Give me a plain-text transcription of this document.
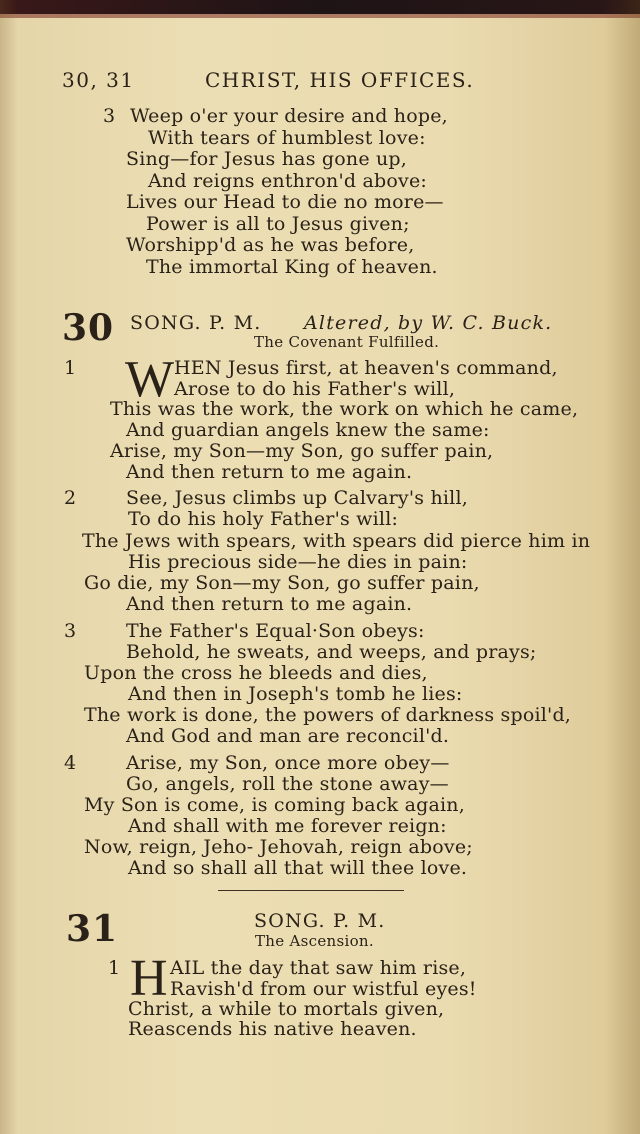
30, 31	CHRIST, HIS OFFICES.
3 Weep o'er your desire and hope,
With tears of humblest love:
Sing—for Jesus has gone up,
And reigns enthron'd above:
Lives our Head to die no more—
Power is all to Jesus given;
Worshipp'd as he was before,
The immortal King of heaven.
30 SONG. P. M. Altered, by W. C. Buck.
The Covenant Fulfilled.
1 W HEN Jesus first, at heaven's command,
Arose to do his Father's will,
This was the work, the work on which he came,
And guardian angels knew the same:
Arise, my Son—my Son, go suffer pain,
And then return to me again.
2	See, Jesus climbs up Calvary's hill,
To do his holy Father's will:
The Jews with spears, with spears did pierce him in
His precious side—he dies in pain:
Go die, my Son—my Son, go suffer pain,
And then return to me again.
3	The Father's Equal·Son obeys:
Behold, he sweats, and weeps, and prays;
Upon the cross he bleeds and dies,
And then in Joseph's tomb he lies:
The work is done, the powers of darkness spoil'd,
And God and man are reconcil'd.
4	Arise, my Son, once more obey—
Go, angels, roll the stone away—
My Son is come, is coming back again,
And shall with me forever reign:
Now, reign, Jeho- Jehovah, reign above;
And so shall all that will thee love.
31	SONG. P. M.
The Ascension.
1 H AIL the day that saw him rise,
Ravish'd from our wistful eyes!
Christ, a while to mortals given,
Reascends his native heaven.
